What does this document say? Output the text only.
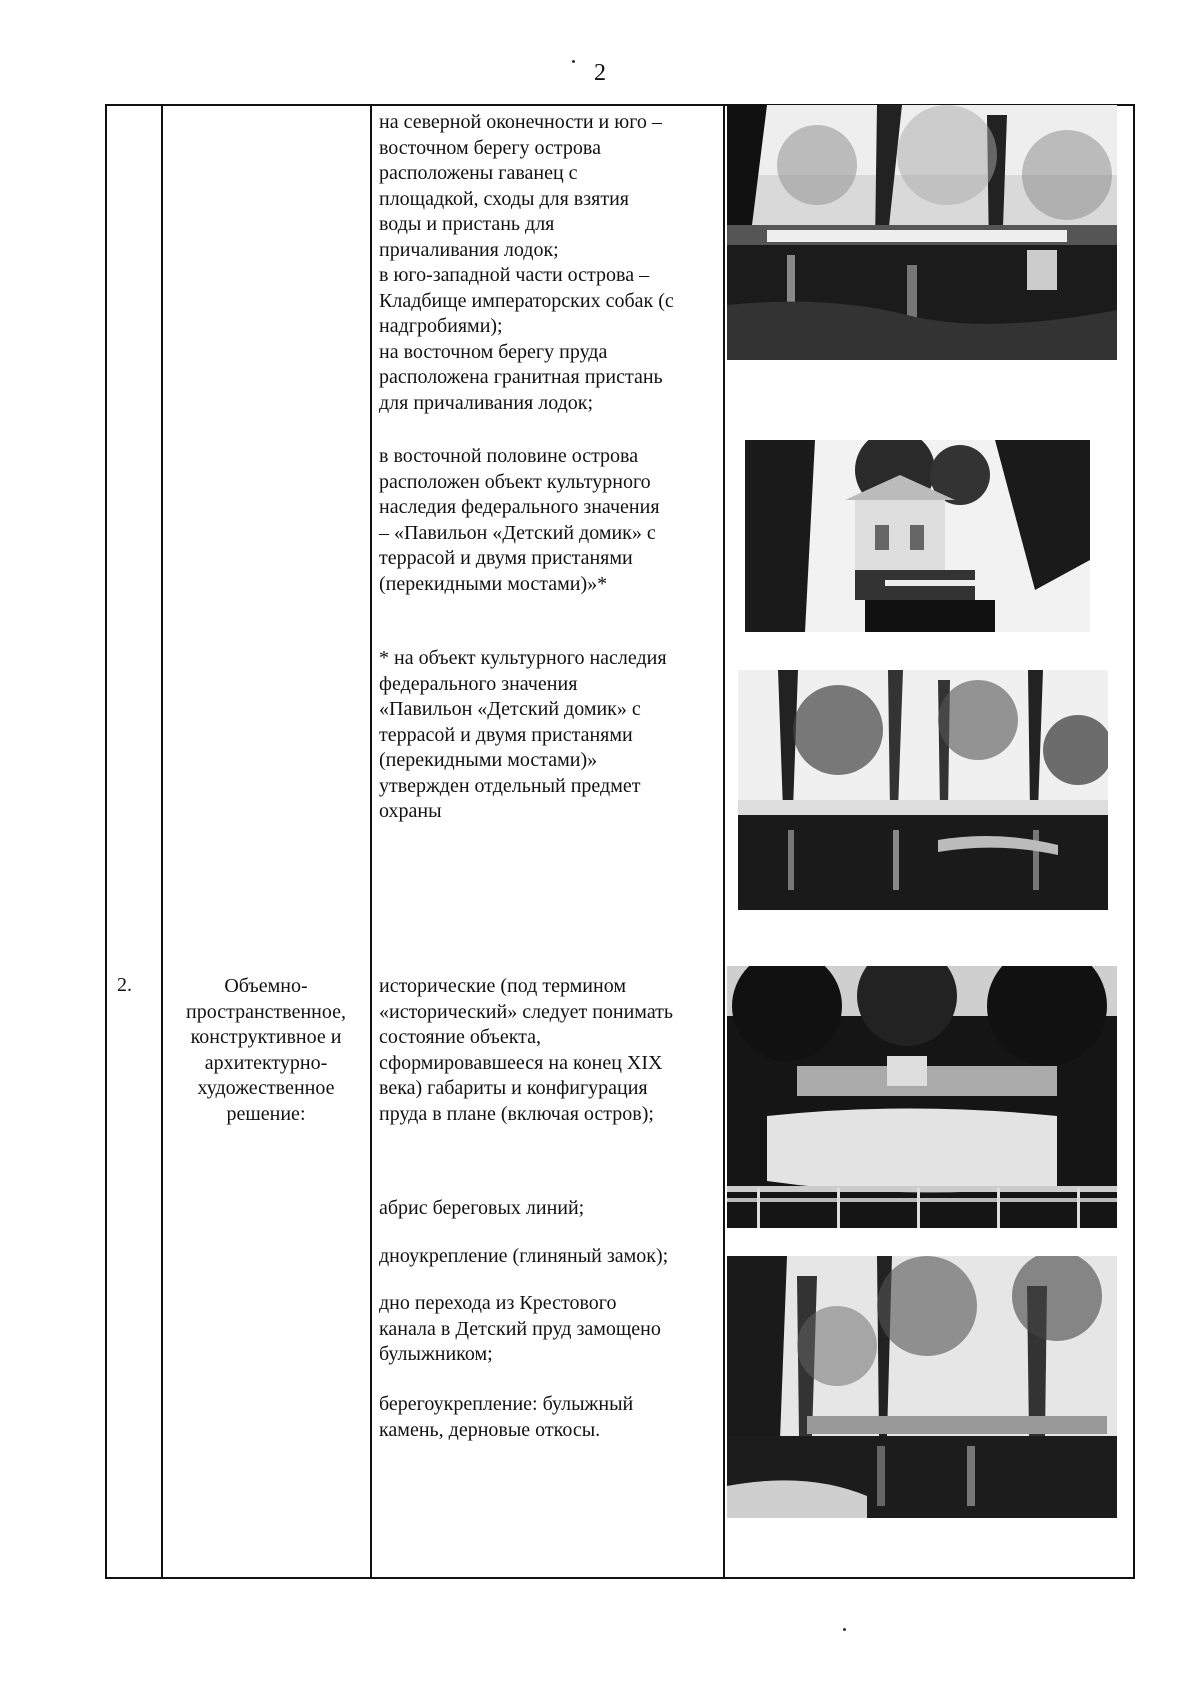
2
на северной оконечности и юго –
восточном берегу острова
расположены гаванец с
площадкой, сходы для взятия
воды и пристань для
причаливания лодок;
в юго-западной части острова –
Кладбище императорских собак (с
надгробиями);
на восточном берегу пруда
расположена гранитная пристань
для причаливания лодок;
в восточной половине острова
расположен объект культурного
наследия федерального значения
– «Павильон «Детский домик» с
террасой и двумя пристанями
(перекидными мостами)»*
* на объект культурного наследия
федерального значения
«Павильон «Детский домик» с
террасой и двумя пристанями
(перекидными мостами)»
утвержден отдельный предмет
охраны
2.	Объемно-
пространственное,
конструктивное и
архитектурно-
художественное
решение:
исторические (под термином
«исторический» следует понимать
состояние объекта,
сформировавшееся на конец XIX
века) габариты и конфигурация
пруда в плане (включая остров);
абрис береговых линий;
дноукрепление (глиняный замок);
дно перехода из Крестового
канала в Детский пруд замощено
булыжником;
берегоукрепление: булыжный
камень, дерновые откосы.
